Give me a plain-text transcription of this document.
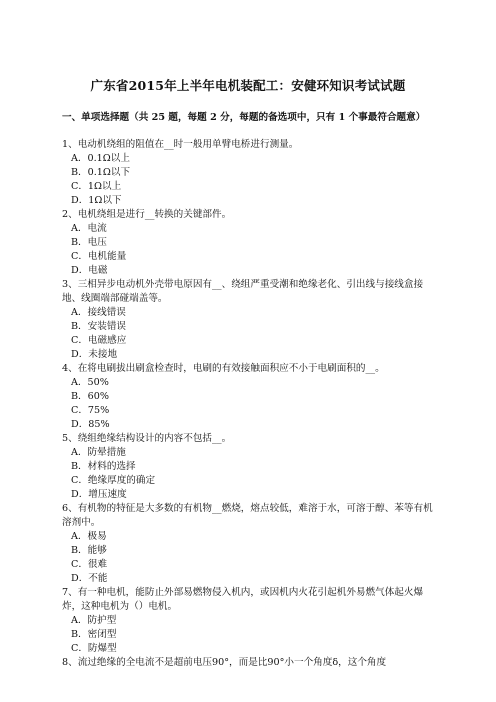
广东省2015年上半年电机装配工：安健环知识考试试题
一、单项选择题（共 25 题，每题 2 分，每题的备选项中，只有 1 个事最符合题意）
1、电动机绕组的阻值在__时一般用单臂电桥进行测量。
A．0.1Ω以上
B．0.1Ω以下
C．1Ω以上
D．1Ω以下
2、电机绕组是进行__转换的关键部件。
A．电流
B．电压
C．电机能量
D．电磁
3、三相异步电动机外壳带电原因有__、绕组严重受潮和绝缘老化、引出线与接线盒接地、线圈端部碰端盖等。
A．接线错误
B．安装错误
C．电磁感应
D．未接地
4、在将电刷拔出刷盒检查时，电刷的有效接触面积应不小于电刷面积的__。
A．50%
B．60%
C．75%
D．85%
5、绕组绝缘结构设计的内容不包括__。
A．防晕措施
B．材料的选择
C．绝缘厚度的确定
D．增压速度
6、有机物的特征是大多数的有机物__燃烧，熔点较低，难溶于水，可溶于醇、苯等有机溶剂中。
A．极易
B．能够
C．很难
D．不能
7、有一种电机，能防止外部易燃物侵入机内，或因机内火花引起机外易燃气体起火爆炸，这种电机为（）电机。
A．防护型
B．密闭型
C．防爆型
8、流过绝缘的全电流不是超前电压90°，而是比90°小一个角度δ，这个角度
